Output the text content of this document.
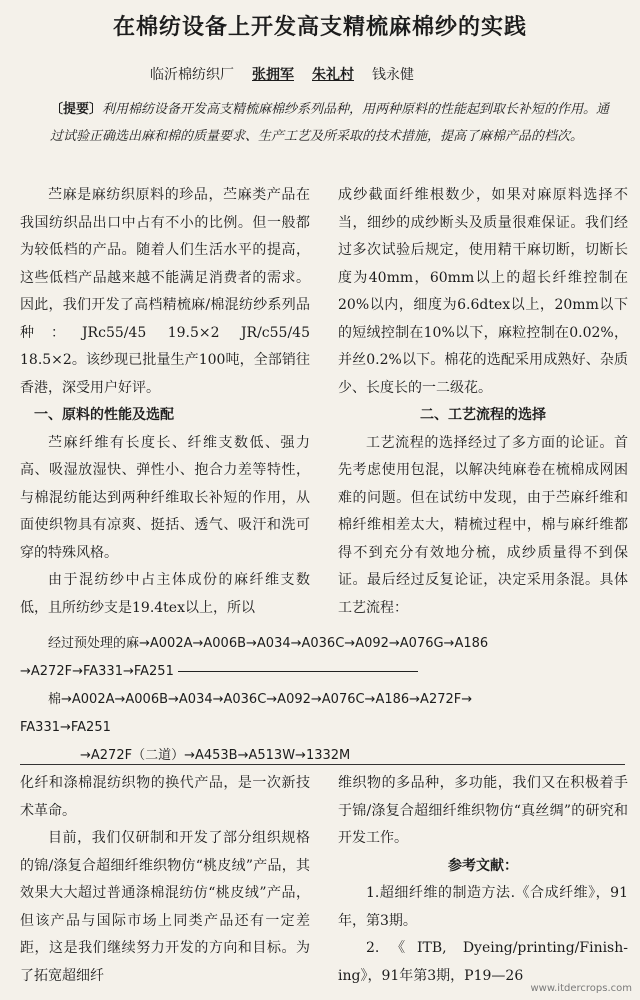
在棉纺设备上开发高支精梳麻棉纱的实践
临沂棉纺织厂 张拥军 朱礼村 钱永健
〔提要〕利用棉纺设备开发高支精梳麻棉纱系列品种，用两种原料的性能起到取长补短的作用。通过试验正确选出麻和棉的质量要求、生产工艺及所采取的技术措施，提高了麻棉产品的档次。

苎麻是麻纺织原料的珍品，苎麻类产品在我国纺织品出口中占有不小的比例。但一般都为较低档的产品。随着人们生活水平的提高，这些低档产品越来越不能满足消费者的需求。因此，我们开发了高档精梳麻/棉混纺纱系列品种：JRc55/45 19.5×2 JR/c55/45 18.5×2。该纱现已批量生产100吨，全部销往香港，深受用户好评。

一、原料的性能及选配

苎麻纤维有长度长、纤维支数低、强力高、吸湿放湿快、弹性小、抱合力差等特性，与棉混纺能达到两种纤维取长补短的作用，从面使织物具有凉爽、挺括、透气、吸汗和洗可穿的特殊风格。

由于混纺纱中占主体成份的麻纤维支数低，且所纺纱支是19.4tex以上，所以

成纱截面纤维根数少，如果对麻原料选择不当，细纱的成纱断头及质量很难保证。我们经过多次试验后规定，使用精干麻切断，切断长度为40mm，60mm以上的超长纤维控制在20%以内，细度为6.6dtex以上，20mm以下的短绒控制在10%以下，麻粒控制在0.02%，并丝0.2%以下。棉花的选配采用成熟好、杂质少、长度长的一二级花。

二、工艺流程的选择

工艺流程的选择经过了多方面的论证。首先考虑使用包混，以解决纯麻卷在梳棉成网困难的问题。但在试纺中发现，由于苎麻纤维和棉纤维相差太大，精梳过程中，棉与麻纤维都得不到充分有效地分梳，成纱质量得不到保证。最后经过反复论证，决定采用条混。具体工艺流程：

经过预处理的麻→A002A→A006B→A034→A036C→A092→A076G→A186
→A272F→FA331→FA251
棉→A002A→A006B→A034→A036C→A092→A076C→A186→A272F→
FA331→FA251
→A272F（二道）→A453B→A513W→1332M

化纤和涤棉混纺织物的换代产品，是一次新技术革命。

目前，我们仅研制和开发了部分组织规格的锦/涤复合超细纤维织物仿“桃皮绒”产品，其效果大大超过普通涤棉混纺仿“桃皮绒”产品，但该产品与国际市场上同类产品还有一定差距，这是我们继续努力开发的方向和目标。为了拓宽超细纤

维织物的多品种，多功能，我们又在积极着手于锦/涤复合超细纤维织物仿“真丝绸”的研究和开发工作。

参考文献：

1.超细纤维的制造方法.《合成纤维》，91年，第3期。

2.《ITB, Dyeing/printing/Finish-ing》，91年第3期，P19—26

www.itdercrops.com
